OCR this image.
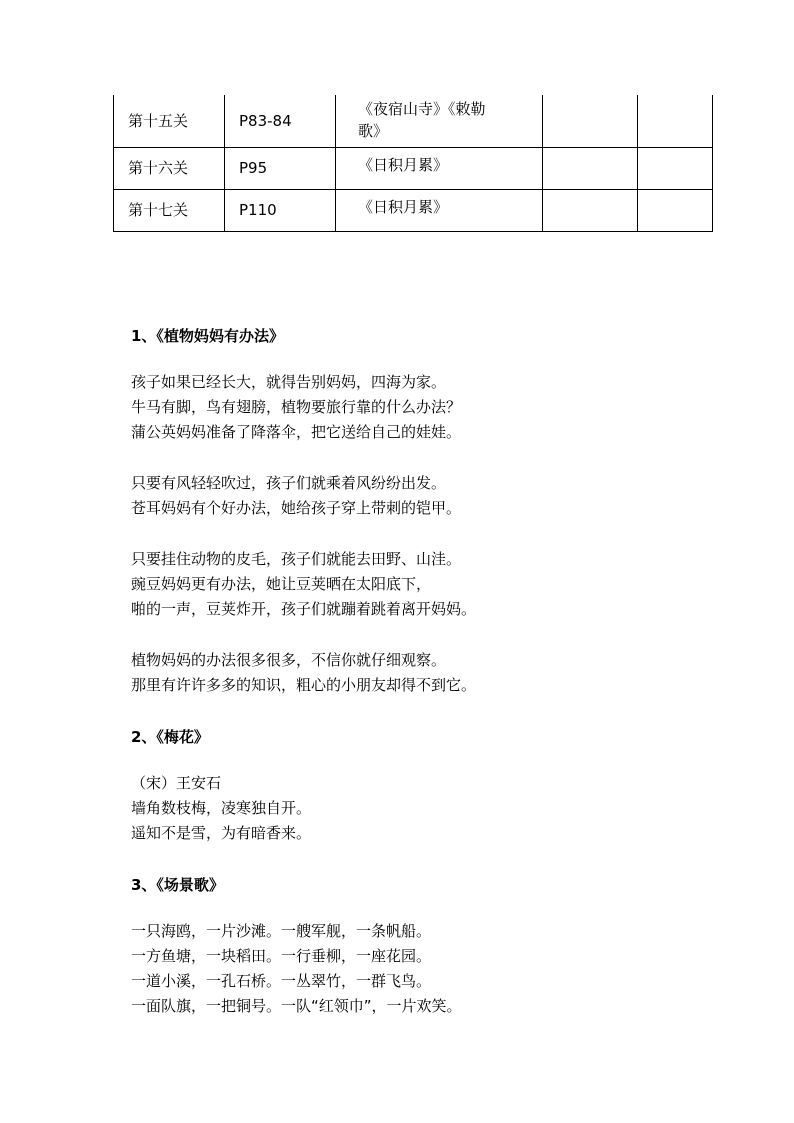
第十五关	P83-84	《夜宿山寺》《敕勒
歌》		

第十六关	P95	《日积月累》		

第十七关	P110	《日积月累》		

1、《植物妈妈有办法》
孩子如果已经长大，就得告别妈妈，四海为家。
牛马有脚，鸟有翅膀，植物要旅行靠的什么办法？
蒲公英妈妈准备了降落伞，把它送给自己的娃娃。
只要有风轻轻吹过，孩子们就乘着风纷纷出发。
苍耳妈妈有个好办法，她给孩子穿上带刺的铠甲。
只要挂住动物的皮毛，孩子们就能去田野、山洼。
豌豆妈妈更有办法，她让豆荚晒在太阳底下，
啪的一声，豆荚炸开，孩子们就蹦着跳着离开妈妈。
植物妈妈的办法很多很多，不信你就仔细观察。
那里有许许多多的知识，粗心的小朋友却得不到它。
2、《梅花》
（宋）王安石
墙角数枝梅，凌寒独自开。
遥知不是雪，为有暗香来。
3、《场景歌》
一只海鸥，一片沙滩。一艘军舰，一条帆船。
一方鱼塘，一块稻田。一行垂柳，一座花园。
一道小溪，一孔石桥。一丛翠竹，一群飞鸟。
一面队旗，一把铜号。一队“红领巾”，一片欢笑。
